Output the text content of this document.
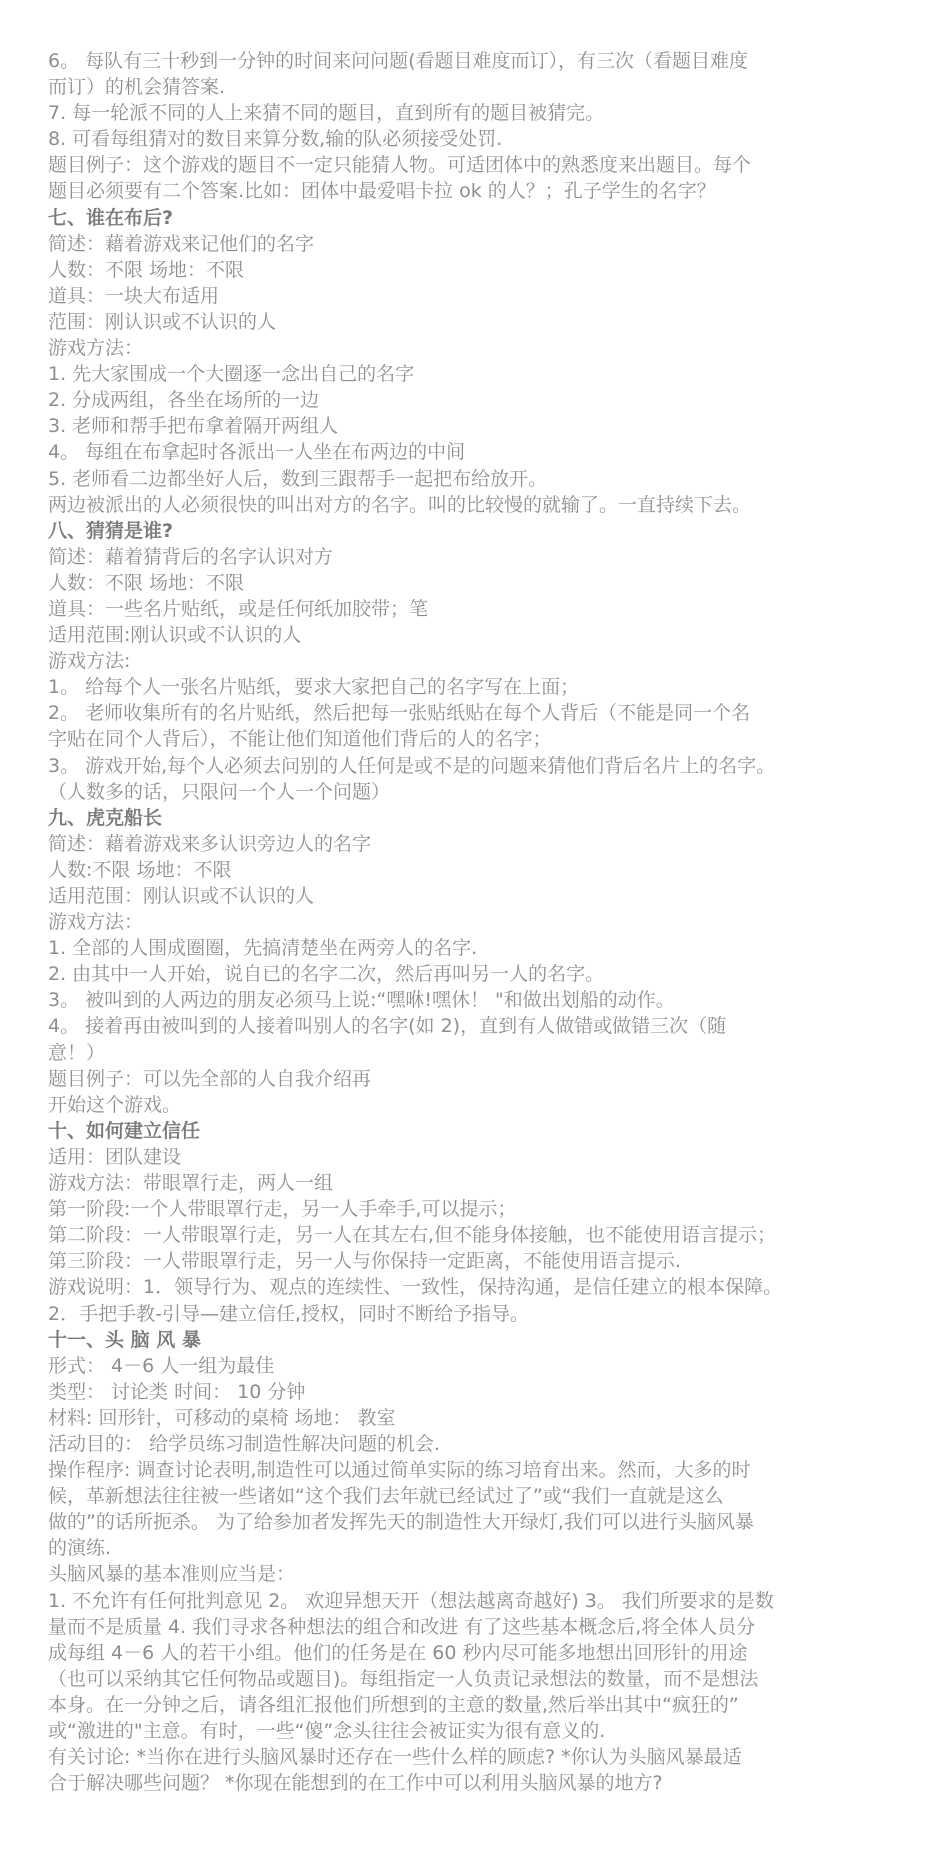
6。 每队有三十秒到一分钟的时间来问问题(看题目难度而订），有三次（看题目难度
而订）的机会猜答案.
7. 每一轮派不同的人上来猜不同的题目，直到所有的题目被猜完。
8. 可看每组猜对的数目来算分数,输的队必须接受处罚.
题目例子：这个游戏的题目不一定只能猜人物。可适团体中的熟悉度来出题目。每个
题目必须要有二个答案.比如：团体中最爱唱卡拉 ok 的人？；孔子学生的名字？
七、谁在布后?
简述：藉着游戏来记他们的名字
人数：不限 场地：不限
道具：一块大布适用
范围：刚认识或不认识的人
游戏方法：
1. 先大家围成一个大圈逐一念出自己的名字
2. 分成两组，各坐在场所的一边
3. 老师和帮手把布拿着隔开两组人
4。 每组在布拿起时各派出一人坐在布两边的中间
5. 老师看二边都坐好人后，数到三跟帮手一起把布给放开。
两边被派出的人必须很快的叫出对方的名字。叫的比较慢的就输了。一直持续下去。
八、猜猜是谁?
简述：藉着猜背后的名字认识对方
人数：不限 场地：不限
道具：一些名片贴纸，或是任何纸加胶带；笔
适用范围:刚认识或不认识的人
游戏方法:
1。 给每个人一张名片贴纸，要求大家把自己的名字写在上面；
2。 老师收集所有的名片贴纸，然后把每一张贴纸贴在每个人背后（不能是同一个名
字贴在同个人背后），不能让他们知道他们背后的人的名字；
3。 游戏开始,每个人必须去问别的人任何是或不是的问题来猜他们背后名片上的名字。
（人数多的话，只限问一个人一个问题）
九、虎克船长
简述：藉着游戏来多认识旁边人的名字
人数:不限 场地：不限
适用范围：刚认识或不认识的人
游戏方法：
1. 全部的人围成圈圈，先搞清楚坐在两旁人的名字.
2. 由其中一人开始，说自已的名字二次，然后再叫另一人的名字。
3。 被叫到的人两边的朋友必须马上说:“嘿咻!嘿休！ "和做出划船的动作。
4。 接着再由被叫到的人接着叫别人的名字(如 2)，直到有人做错或做错三次（随
意！）
题目例子：可以先全部的人自我介绍再
开始这个游戏。
十、如何建立信任
适用：团队建设
游戏方法：带眼罩行走，两人一组
第一阶段:一个人带眼罩行走，另一人手牵手,可以提示；
第二阶段：一人带眼罩行走，另一人在其左右,但不能身体接触，也不能使用语言提示；
第三阶段：一人带眼罩行走，另一人与你保持一定距离，不能使用语言提示.
游戏说明：1．领导行为、观点的连续性、一致性，保持沟通，是信任建立的根本保障。
2．手把手教-引导—建立信任,授权，同时不断给予指导。
十一、头 脑 风 暴
形式： 4－6 人一组为最佳
类型： 讨论类 时间： 10 分钟
材料: 回形针，可移动的桌椅 场地： 教室
活动目的： 给学员练习制造性解决问题的机会.
操作程序: 调查讨论表明,制造性可以通过简单实际的练习培育出来。然而，大多的时
候，革新想法往往被一些诸如“这个我们去年就已经试过了”或“我们一直就是这么
做的”的话所扼杀。 为了给参加者发挥先天的制造性大开绿灯,我们可以进行头脑风暴
的演练.
头脑风暴的基本准则应当是：
1. 不允许有任何批判意见 2。 欢迎异想天开（想法越离奇越好) 3。 我们所要求的是数
量而不是质量 4. 我们寻求各种想法的组合和改进 有了这些基本概念后,将全体人员分
成每组 4－6 人的若干小组。他们的任务是在 60 秒内尽可能多地想出回形针的用途
（也可以采纳其它任何物品或题目)。每组指定一人负责记录想法的数量，而不是想法
本身。在一分钟之后，请各组汇报他们所想到的主意的数量,然后举出其中“疯狂的”
或“激进的"主意。有时，一些“傻”念头往往会被证实为很有意义的.
有关讨论: *当你在进行头脑风暴时还存在一些什么样的顾虑? *你认为头脑风暴最适
合于解决哪些问题？ *你现在能想到的在工作中可以利用头脑风暴的地方?
